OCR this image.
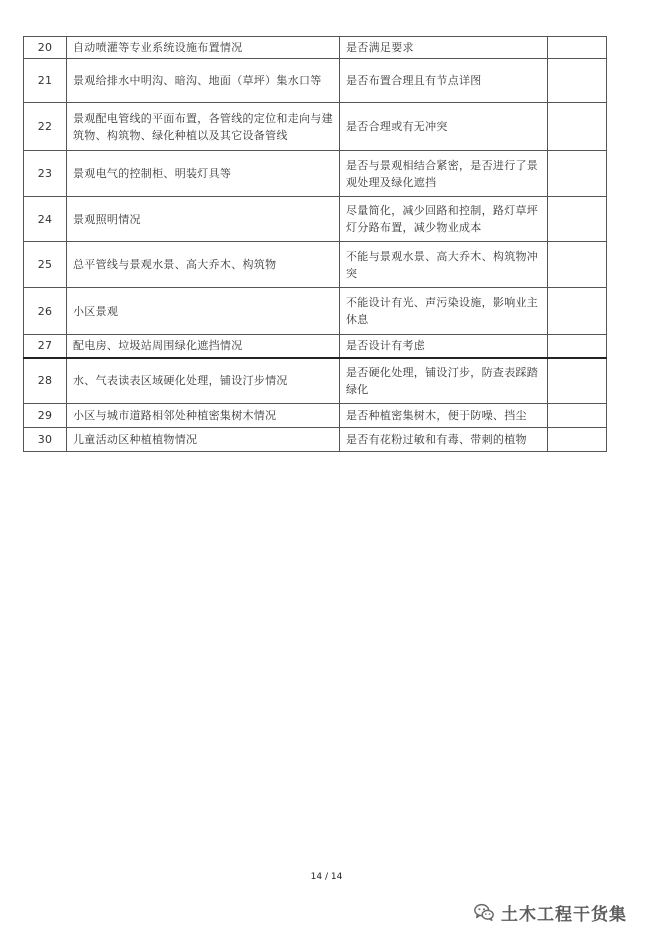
20	自动喷灌等专业系统设施布置情况	是否满足要求	
21	景观给排水中明沟、暗沟、地面（草坪）集水口等	是否布置合理且有节点详图	
22	景观配电管线的平面布置，各管线的定位和走向与建筑物、构筑物、绿化种植以及其它设备管线	是否合理或有无冲突	
23	景观电气的控制柜、明装灯具等	是否与景观相结合紧密，是否进行了景观处理及绿化遮挡	
24	景观照明情况	尽量简化，减少回路和控制，路灯草坪灯分路布置，减少物业成本	
25	总平管线与景观水景、高大乔木、构筑物	不能与景观水景、高大乔木、构筑物冲突	
26	小区景观	不能设计有光、声污染设施，影响业主休息	
27	配电房、垃圾站周围绿化遮挡情况	是否设计有考虑	
28	水、气表读表区域硬化处理，铺设汀步情况	是否硬化处理，铺设汀步，防查表踩踏绿化	
29	小区与城市道路相邻处种植密集树木情况	是否种植密集树木，便于防噪、挡尘	
30	儿童活动区种植植物情况	是否有花粉过敏和有毒、带刺的植物	
14 / 14
土木工程干货集
